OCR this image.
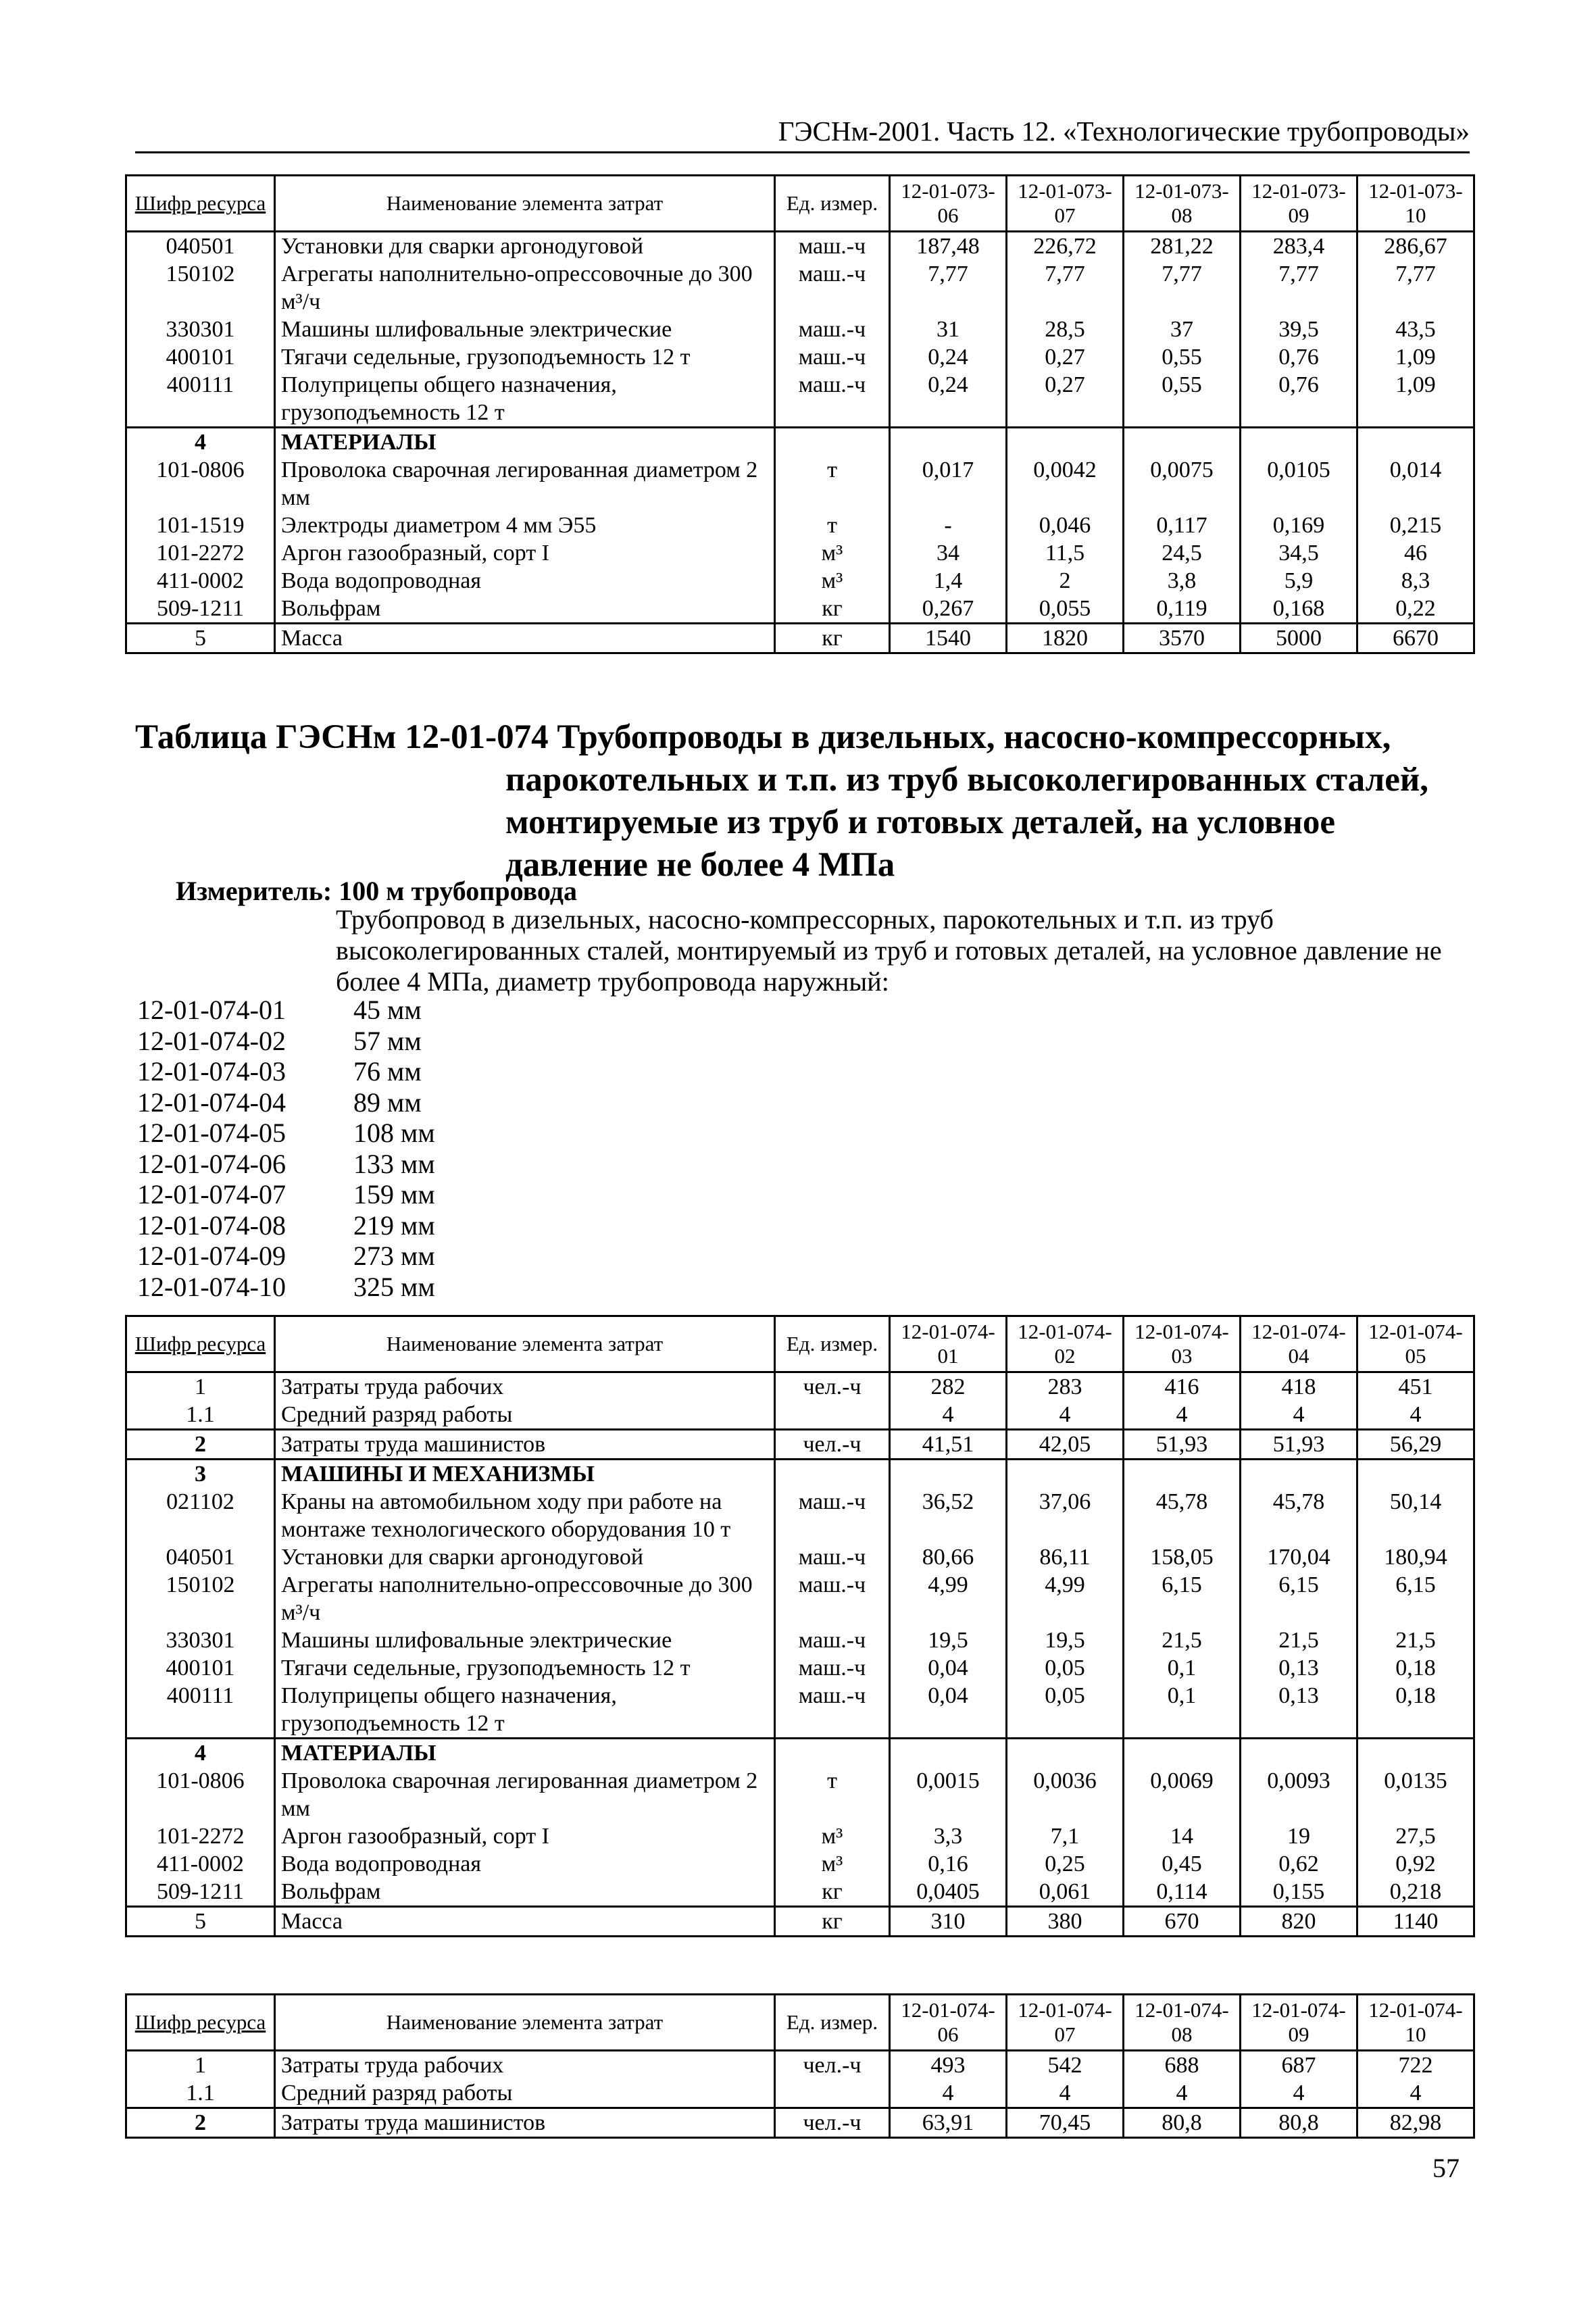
ГЭСНм-2001. Часть 12. «Технологические трубопроводы»
Шифр ресурса	Наименование элемента затрат	Ед. измер.	12-01-073-06	12-01-073-07	12-01-073-08	12-01-073-09	12-01-073-10
040501	Установки для сварки аргонодуговой	маш.-ч	187,48	226,72	281,22	283,4	286,67
150102	Агрегаты наполнительно-опрессовочные до 300 м³/ч	маш.-ч	7,77	7,77	7,77	7,77	7,77
330301	Машины шлифовальные электрические	маш.-ч	31	28,5	37	39,5	43,5
400101	Тягачи седельные, грузоподъемность 12 т	маш.-ч	0,24	0,27	0,55	0,76	1,09
400111	Полуприцепы общего назначения, грузоподъемность 12 т	маш.-ч	0,24	0,27	0,55	0,76	1,09
4	МАТЕРИАЛЫ						
101-0806	Проволока сварочная легированная диаметром 2 мм	т	0,017	0,0042	0,0075	0,0105	0,014
101-1519	Электроды диаметром 4 мм Э55	т	-	0,046	0,117	0,169	0,215
101-2272	Аргон газообразный, сорт I	м³	34	11,5	24,5	34,5	46
411-0002	Вода водопроводная	м³	1,4	2	3,8	5,9	8,3
509-1211	Вольфрам	кг	0,267	0,055	0,119	0,168	0,22
5	Масса	кг	1540	1820	3570	5000	6670
Таблица ГЭСНм 12-01-074 Трубопроводы в дизельных, насосно-компрессорных,
парокотельных и т.п. из труб высоколегированных сталей,
монтируемые из труб и готовых деталей, на условное
давление не более 4 МПа
Измеритель: 100 м трубопровода
Трубопровод в дизельных, насосно-компрессорных, парокотельных и т.п. из труб высоколегированных сталей, монтируемый из труб и готовых деталей, на условное давление не более 4 МПа, диаметр трубопровода наружный:
12-01-074-01	45 мм
12-01-074-02	57 мм
12-01-074-03	76 мм
12-01-074-04	89 мм
12-01-074-05	108 мм
12-01-074-06	133 мм
12-01-074-07	159 мм
12-01-074-08	219 мм
12-01-074-09	273 мм
12-01-074-10	325 мм
Шифр ресурса	Наименование элемента затрат	Ед. измер.	12-01-074-01	12-01-074-02	12-01-074-03	12-01-074-04	12-01-074-05
1	Затраты труда рабочих	чел.-ч	282	283	416	418	451
1.1	Средний разряд работы		4	4	4	4	4
2	Затраты труда машинистов	чел.-ч	41,51	42,05	51,93	51,93	56,29
3	МАШИНЫ И МЕХАНИЗМЫ						
021102	Краны на автомобильном ходу при работе на монтаже технологического оборудования 10 т	маш.-ч	36,52	37,06	45,78	45,78	50,14
040501	Установки для сварки аргонодуговой	маш.-ч	80,66	86,11	158,05	170,04	180,94
150102	Агрегаты наполнительно-опрессовочные до 300 м³/ч	маш.-ч	4,99	4,99	6,15	6,15	6,15
330301	Машины шлифовальные электрические	маш.-ч	19,5	19,5	21,5	21,5	21,5
400101	Тягачи седельные, грузоподъемность 12 т	маш.-ч	0,04	0,05	0,1	0,13	0,18
400111	Полуприцепы общего назначения, грузоподъемность 12 т	маш.-ч	0,04	0,05	0,1	0,13	0,18
4	МАТЕРИАЛЫ						
101-0806	Проволока сварочная легированная диаметром 2 мм	т	0,0015	0,0036	0,0069	0,0093	0,0135
101-2272	Аргон газообразный, сорт I	м³	3,3	7,1	14	19	27,5
411-0002	Вода водопроводная	м³	0,16	0,25	0,45	0,62	0,92
509-1211	Вольфрам	кг	0,0405	0,061	0,114	0,155	0,218
5	Масса	кг	310	380	670	820	1140
Шифр ресурса	Наименование элемента затрат	Ед. измер.	12-01-074-06	12-01-074-07	12-01-074-08	12-01-074-09	12-01-074-10
1	Затраты труда рабочих	чел.-ч	493	542	688	687	722
1.1	Средний разряд работы		4	4	4	4	4
2	Затраты труда машинистов	чел.-ч	63,91	70,45	80,8	80,8	82,98
57
